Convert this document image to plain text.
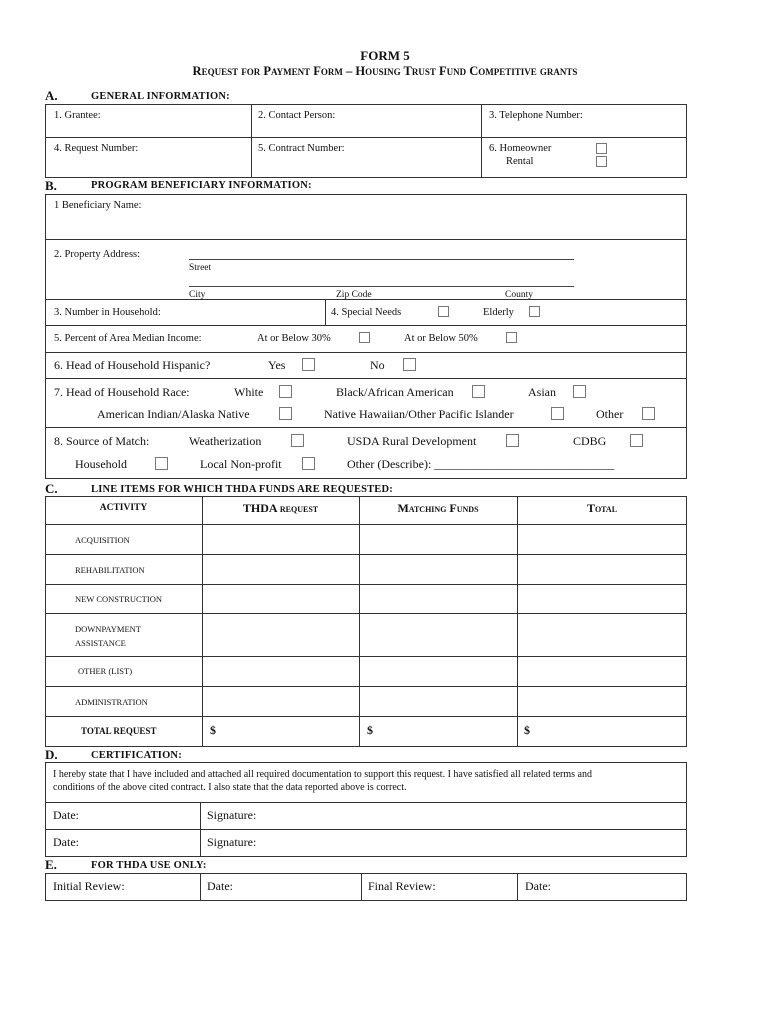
FORM 5
Request for Payment Form – Housing Trust Fund Competitive grants
A.	GENERAL INFORMATION:
1. Grantee:	2. Contact Person:	3. Telephone Number:
4. Request Number:	5. Contract Number:	6. Homeowner
Rental
B.	PROGRAM BENEFICIARY INFORMATION:
1 Beneficiary Name:
2. Property Address:
Street
City	Zip Code	County
3. Number in Household:	4. Special Needs	Elderly
5. Percent of Area Median Income:	At or Below 30%	At or Below 50%
6. Head of Household Hispanic?	Yes	No
7. Head of Household Race:	White	Black/African American	Asian
American Indian/Alaska Native	Native Hawaiian/Other Pacific Islander	Other
8. Source of Match:	Weatherization	USDA Rural Development	CDBG
Household	Local Non-profit	Other (Describe): ______________________________
C.	LINE ITEMS FOR WHICH THDA FUNDS ARE REQUESTED:
ACTIVITY	THDA request	Matching Funds	Total
ACQUISITION
REHABILITATION
NEW CONSTRUCTION
DOWNPAYMENT
ASSISTANCE
OTHER (LIST)
ADMINISTRATION
TOTAL REQUEST	$	$	$
D.	CERTIFICATION:
I hereby state that I have included and attached all required documentation to support this request. I have satisfied all related terms and
conditions of the above cited contract. I also state that the data reported above is correct.
Date:	Signature:
Date:	Signature:
E.	FOR THDA USE ONLY:
Initial Review:	Date:	Final Review:	Date:
